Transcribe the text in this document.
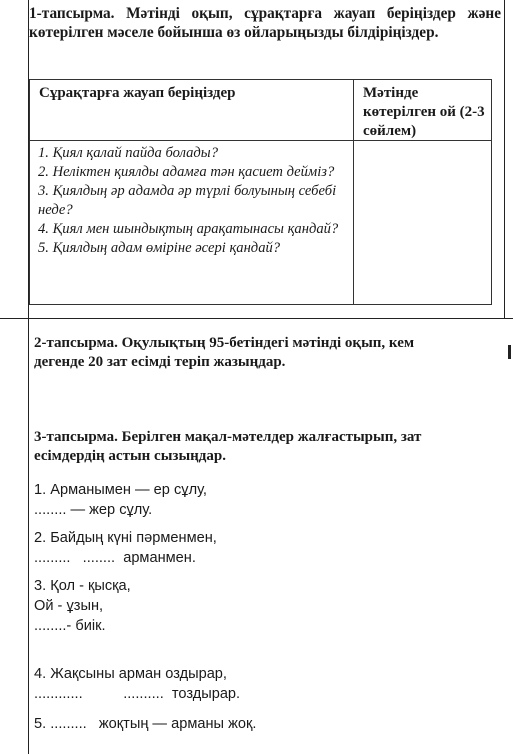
1-тапсырма. Мәтінді оқып, сұрақтарға жауап беріңіздер және көтерілген мәселе бойынша өз ойларыңызды білдіріңіздер.
Сұрақтарға жауап беріңіздер	Мәтінде көтерілген ой (2-3 сөйлем)

1. Қиял қалай пайда болады?

2. Неліктен қиялды адамға тән қасиет дейміз?

3. Қиялдың әр адамда әр түрлі болуының себебі неде?

4. Қиял мен шындықтың арақатынасы қандай?

5. Қиялдың адам өміріне әсері қандай?

2-тапсырма. Оқулықтың 95-бетіндегі мәтінді оқып, кем дегенде 20 зат есімді теріп жазыңдар.
3-тапсырма. Берілген мақал-мәтелдер жалғастырып, зат есімдердің астын сызыңдар.
1. Арманымен — ер сұлу,
........ — жер сұлу.
2. Байдың күні пәрменмен,
.........   ........  арманмен.
3. Қол - қысқа,
Ой - ұзын,
........- биік.
4. Жақсыны арман оздырар,
............          ..........  тоздырар.
5. .........   жоқтың — арманы жоқ.
